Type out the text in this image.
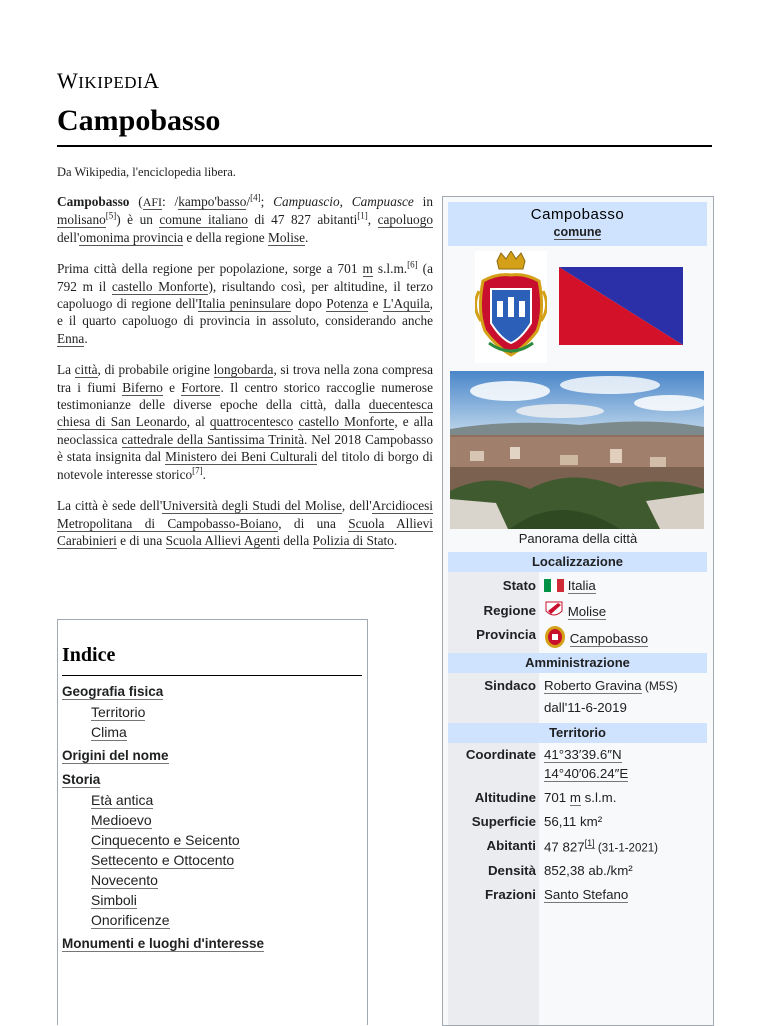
WIKIPEDIA
Campobasso
Da Wikipedia, l'enciclopedia libera.

Campobasso (AFI: /kampo'basso/[4]; Campuascio, Campuasce in molisano[5]) è un comune italiano di 47 827 abitanti[1], capoluogo dell'omonima provincia e della regione Molise.

Prima città della regione per popolazione, sorge a 701 m s.l.m.[6] (a 792 m il castello Monforte), risultando così, per altitudine, il terzo capoluogo di regione dell'Italia peninsulare dopo Potenza e L'Aquila, e il quarto capoluogo di provincia in assoluto, considerando anche Enna.

La città, di probabile origine longobarda, si trova nella zona compresa tra i fiumi Biferno e Fortore. Il centro storico raccoglie numerose testimonianze delle diverse epoche della città, dalla duecentesca chiesa di San Leonardo, al quattrocentesco castello Monforte, e alla neoclassica cattedrale della Santissima Trinità. Nel 2018 Campobasso è stata insignita dal Ministero dei Beni Culturali del titolo di borgo di notevole interesse storico[7].

La città è sede dell'Università degli Studi del Molise, dell'Arcidiocesi Metropolitana di Campobasso-Boiano, di una Scuola Allievi Carabinieri e di una Scuola Allievi Agenti della Polizia di Stato.

Indice
Geografia fisica
Territorio
Clima
Origini del nome
Storia
Età antica
Medioevo
Cinquecento e Seicento
Settecento e Ottocento
Novecento
Simboli
Onorificenze
Monumenti e luoghi d'interesse
Campobasso
comune
Panorama della città
Localizzazione
Stato	Italia
Regione	Molise
Provincia	Campobasso
Amministrazione
Sindaco Roberto Gravina (M5S)
dall'11-6-2019
Territorio
Coordinate 41°33′39.6″N
14°40′06.24″E
Altitudine 701 m s.l.m.
Superficie 56,11 km²
Abitanti 47 827[1] (31-1-2021)
Densità 852,38 ab./km²
Frazioni Santo Stefano
